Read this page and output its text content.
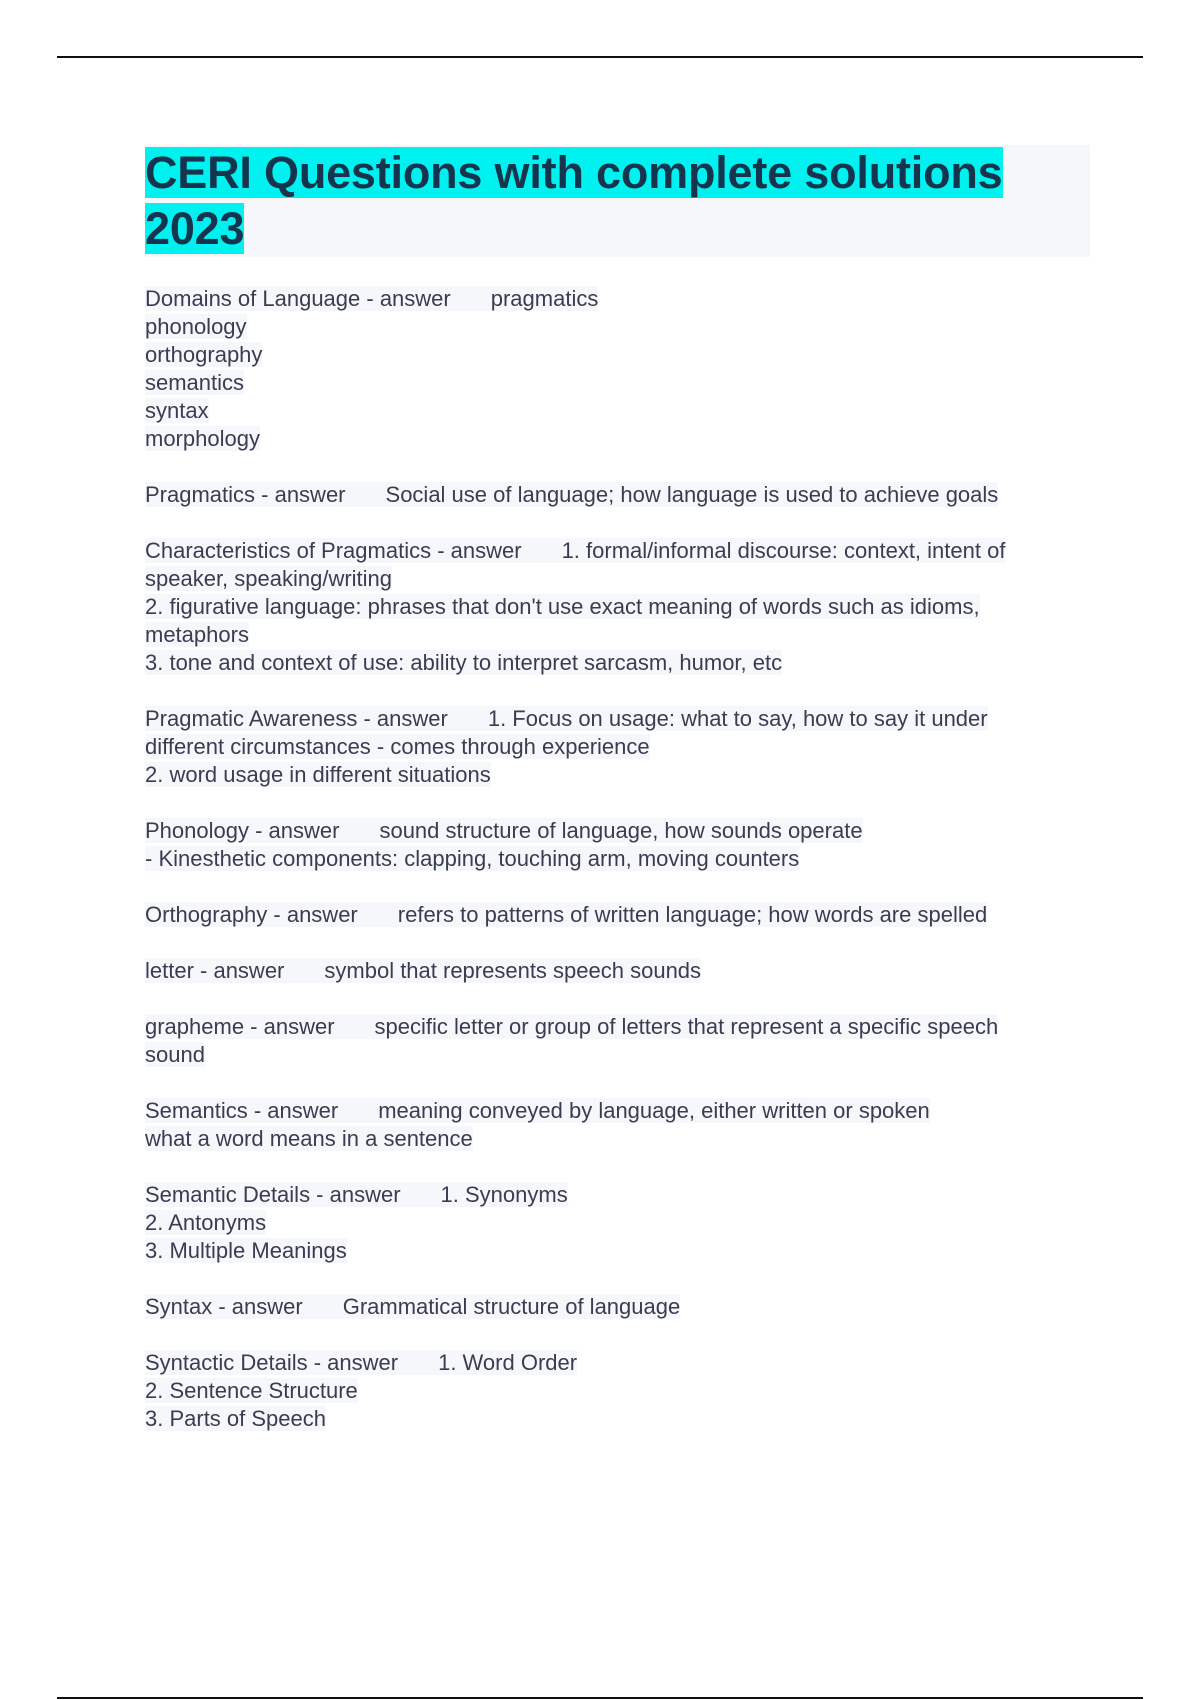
CERI Questions with complete solutions
2023
Domains of Language - answer pragmatics
phonology
orthography
semantics
syntax
morphology
Pragmatics - answer Social use of language; how language is used to achieve goals
Characteristics of Pragmatics - answer 1. formal/informal discourse: context, intent of
speaker, speaking/writing
2. figurative language: phrases that don't use exact meaning of words such as idioms,
metaphors
3. tone and context of use: ability to interpret sarcasm, humor, etc
Pragmatic Awareness - answer 1. Focus on usage: what to say, how to say it under
different circumstances - comes through experience
2. word usage in different situations
Phonology - answer sound structure of language, how sounds operate
- Kinesthetic components: clapping, touching arm, moving counters
Orthography - answer refers to patterns of written language; how words are spelled
letter - answer symbol that represents speech sounds
grapheme - answer specific letter or group of letters that represent a specific speech
sound
Semantics - answer meaning conveyed by language, either written or spoken
what a word means in a sentence
Semantic Details - answer 1. Synonyms
2. Antonyms
3. Multiple Meanings
Syntax - answer Grammatical structure of language
Syntactic Details - answer 1. Word Order
2. Sentence Structure
3. Parts of Speech
